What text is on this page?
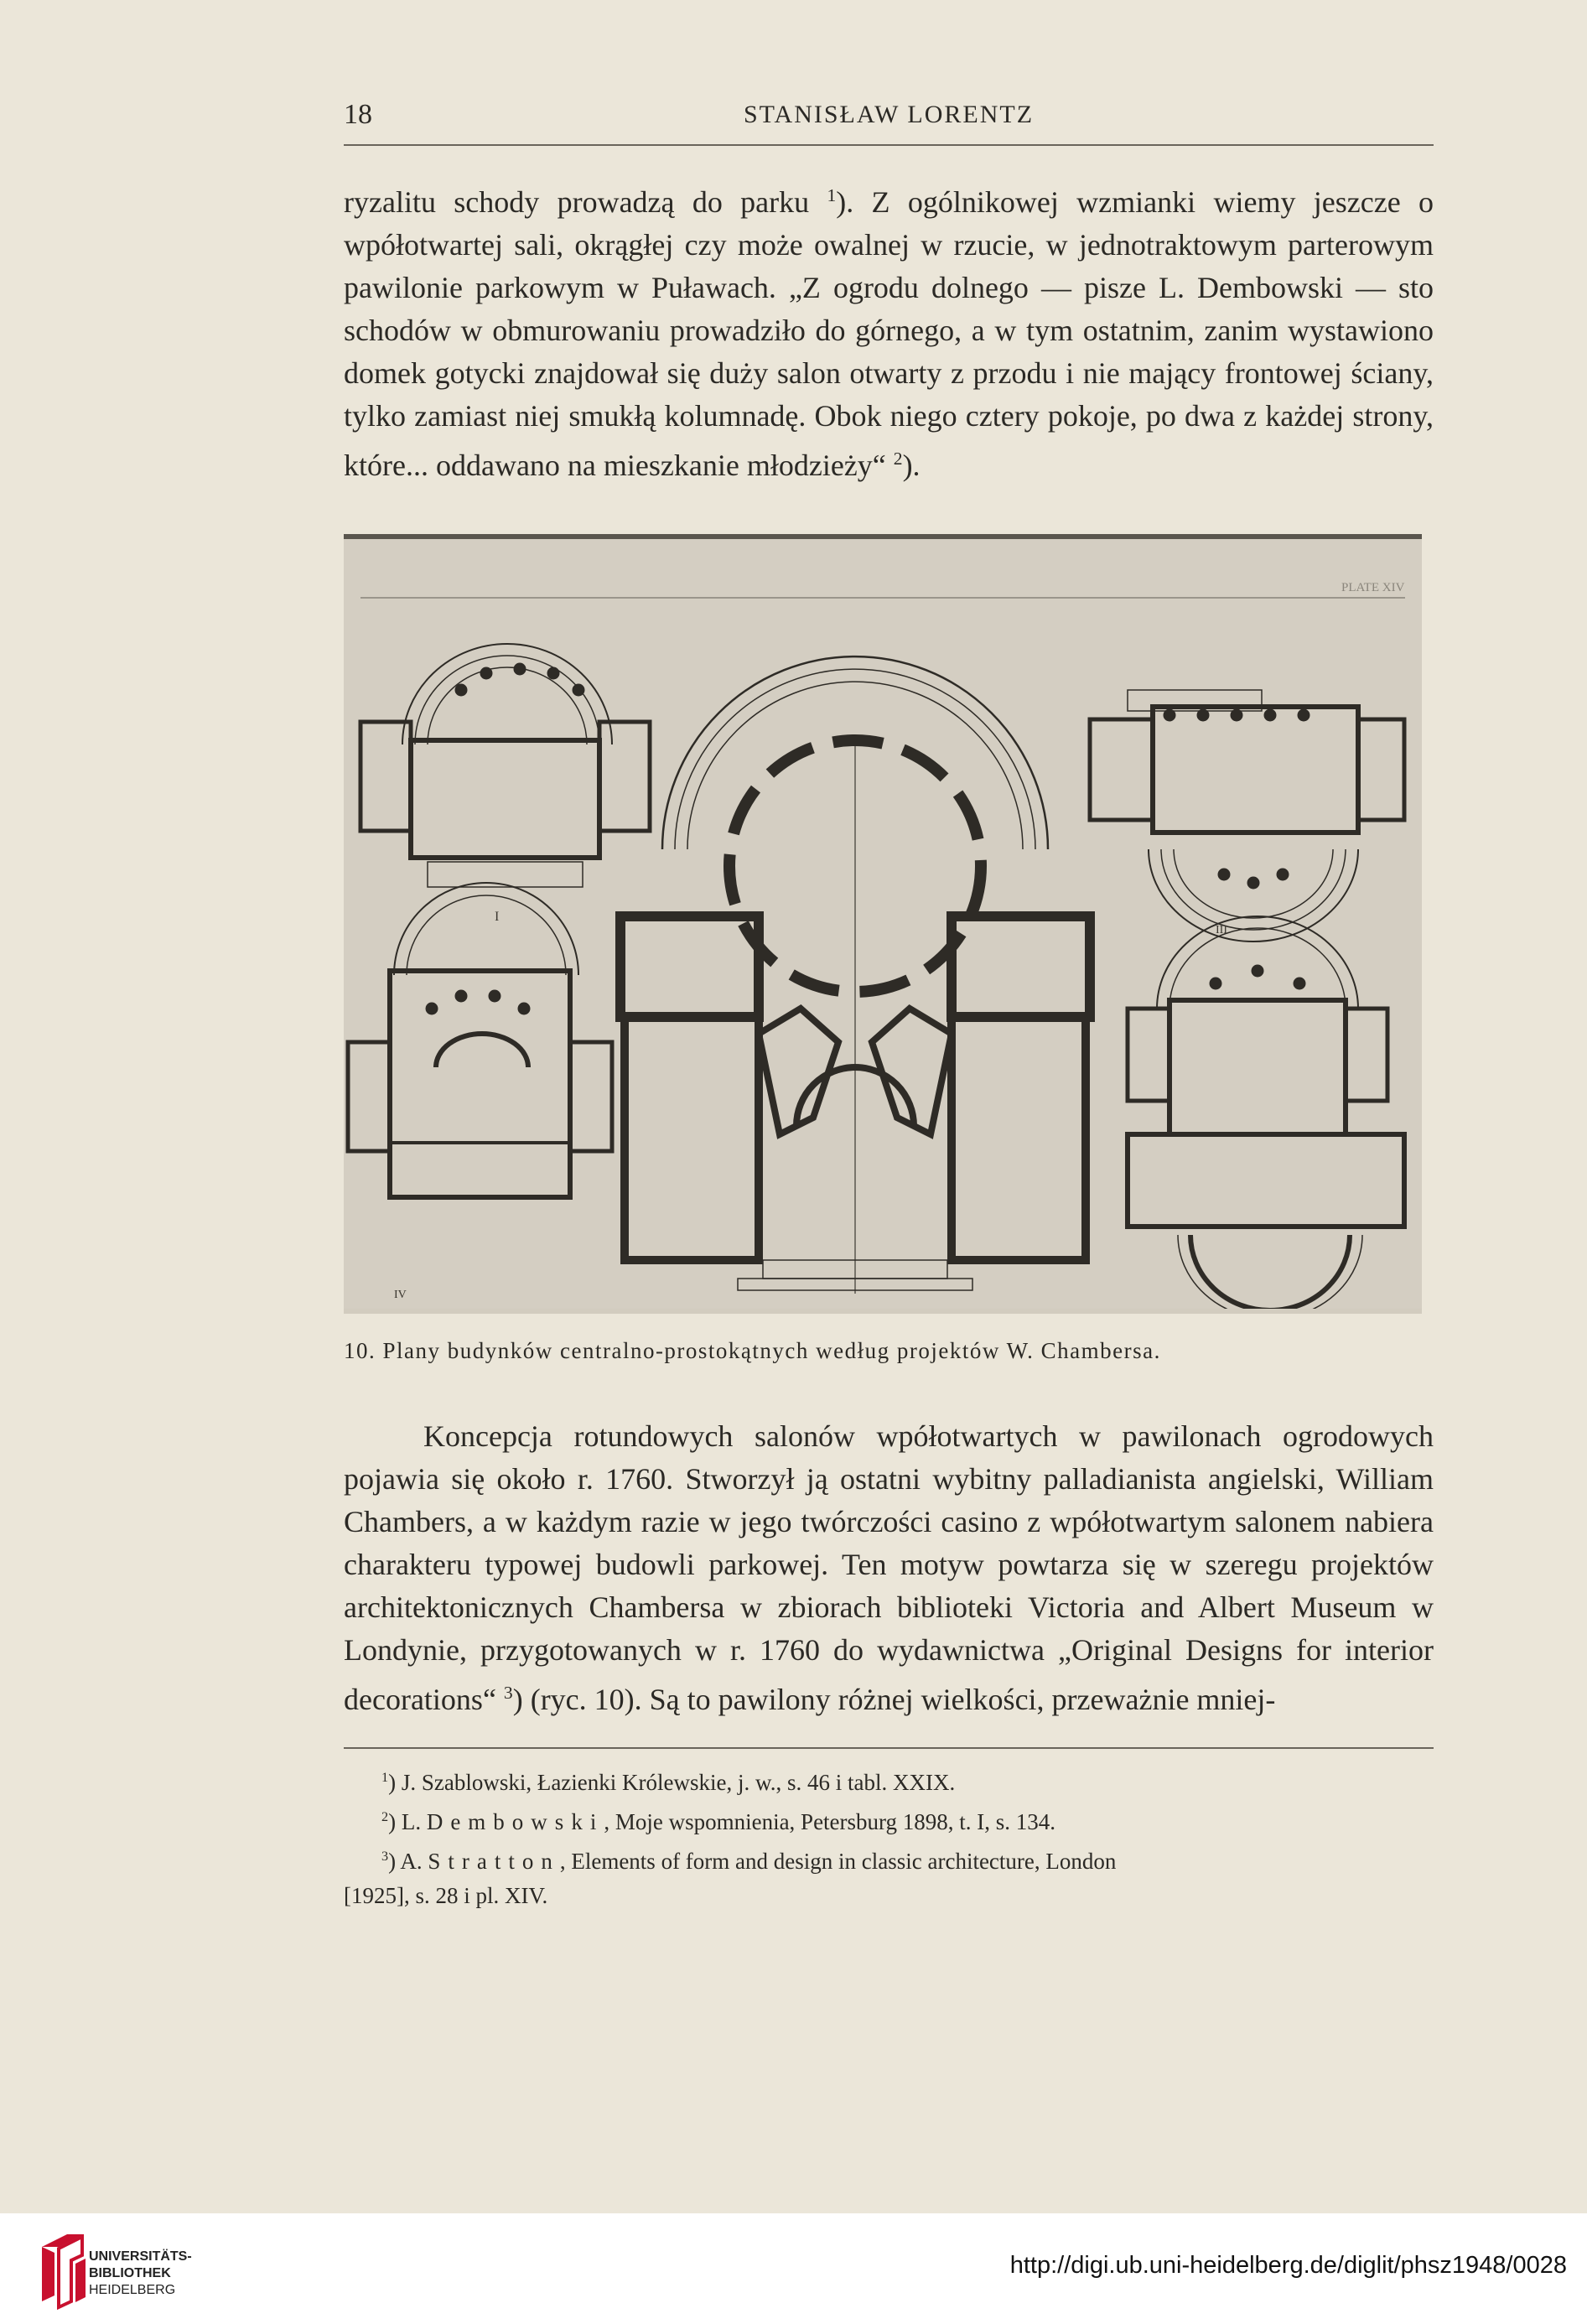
18	STANISŁAW LORENTZ

ryzalitu schody prowadzą do parku $^1$). Z ogólnikowej wzmianki wiemy jeszcze o wpółotwartej sali, okrągłej czy może owalnej w rzucie, w jednotraktowym parterowym pawilonie parkowym w Puławach. „Z ogrodu dolnego — pisze L. Dembowski — sto schodów w obmurowaniu prowadziło do górnego, a w tym ostatnim, zanim wystawiono domek gotycki znajdował się duży salon otwarty z przodu i nie mający frontowej ściany, tylko zamiast niej smukłą kolumnadę. Obok niego cztery pokoje, po dwa z każdej strony, które... oddawano na mieszkanie młodzieży“ $^2$).

PLATE XIV
I
IV
III
10. Plany budynków centralno-prostokątnych według projektów W. Chambersa.

Koncepcja rotundowych salonów wpółotwartych w pawilonach ogrodowych pojawia się około r. 1760. Stworzył ją ostatni wybitny palladianista angielski, William Chambers, a w każdym razie w jego twórczości casino z wpółotwartym salonem nabiera charakteru typowej budowli parkowej. Ten motyw powtarza się w szeregu projektów architektonicznych Chambersa w zbiorach biblioteki Victoria and Albert Museum w Londynie, przygotowanych w r. 1760 do wydawnictwa „Original Designs for interior decorations“ $^3$) (ryc. 10). Są to pawilony różnej wielkości, przeważnie mniej-

$^1$) J. Szablowski, Łazienki Królewskie, j. w., s. 46 i tabl. XXIX.
$^2$) L. Dembowski, Moje wspomnienia, Petersburg 1898, t. I, s. 134.
$^3$) A. Stratton, Elements of form and design in classic architecture, London
[1925], s. 28 i pl. XIV.
UNIVERSITÄTS-
BIBLIOTHEK
HEIDELBERG
http://digi.ub.uni-heidelberg.de/diglit/phsz1948/0028
